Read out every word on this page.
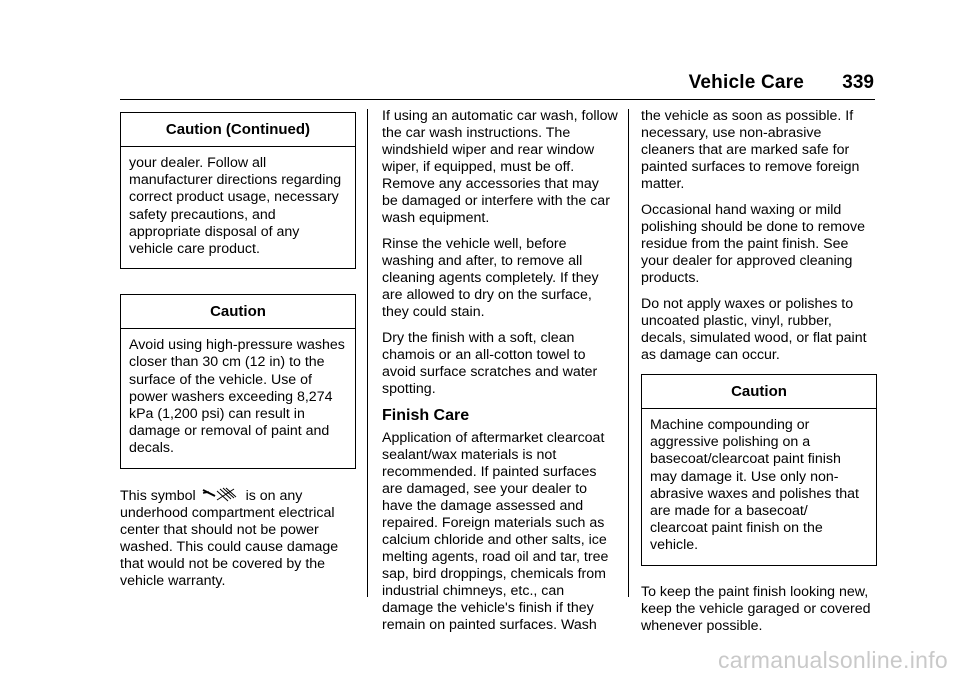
Vehicle Care 339
Caution (Continued)
your dealer. Follow all manufacturer directions regarding correct product usage, necessary safety precautions, and appropriate disposal of any vehicle care product.
Caution
Avoid using high-pressure washes closer than 30 cm (12 in) to the surface of the vehicle. Use of power washers exceeding 8,274 kPa (1,200 psi) can result in damage or removal of paint and decals.

This symbol	is on any underhood compartment electrical center that should not be power washed. This could cause damage that would not be covered by the vehicle warranty.

If using an automatic car wash, follow the car wash instructions. The windshield wiper and rear window wiper, if equipped, must be off. Remove any accessories that may be damaged or interfere with the car wash equipment.

Rinse the vehicle well, before washing and after, to remove all cleaning agents completely. If they are allowed to dry on the surface, they could stain.

Dry the finish with a soft, clean chamois or an all-cotton towel to avoid surface scratches and water spotting.

Finish Care

Application of aftermarket clearcoat sealant/wax materials is not recommended. If painted surfaces are damaged, see your dealer to have the damage assessed and repaired. Foreign materials such as calcium chloride and other salts, ice melting agents, road oil and tar, tree sap, bird droppings, chemicals from industrial chimneys, etc., can damage the vehicle's finish if they remain on painted surfaces. Wash

the vehicle as soon as possible. If necessary, use non-abrasive cleaners that are marked safe for painted surfaces to remove foreign matter.

Occasional hand waxing or mild polishing should be done to remove residue from the paint finish. See your dealer for approved cleaning products.

Do not apply waxes or polishes to uncoated plastic, vinyl, rubber, decals, simulated wood, or flat paint as damage can occur.

Caution
Machine compounding or aggressive polishing on a basecoat/clearcoat paint finish may damage it. Use only non-abrasive waxes and polishes that are made for a basecoat/ clearcoat paint finish on the vehicle.

To keep the paint finish looking new, keep the vehicle garaged or covered whenever possible.

carmanualsonline.info
